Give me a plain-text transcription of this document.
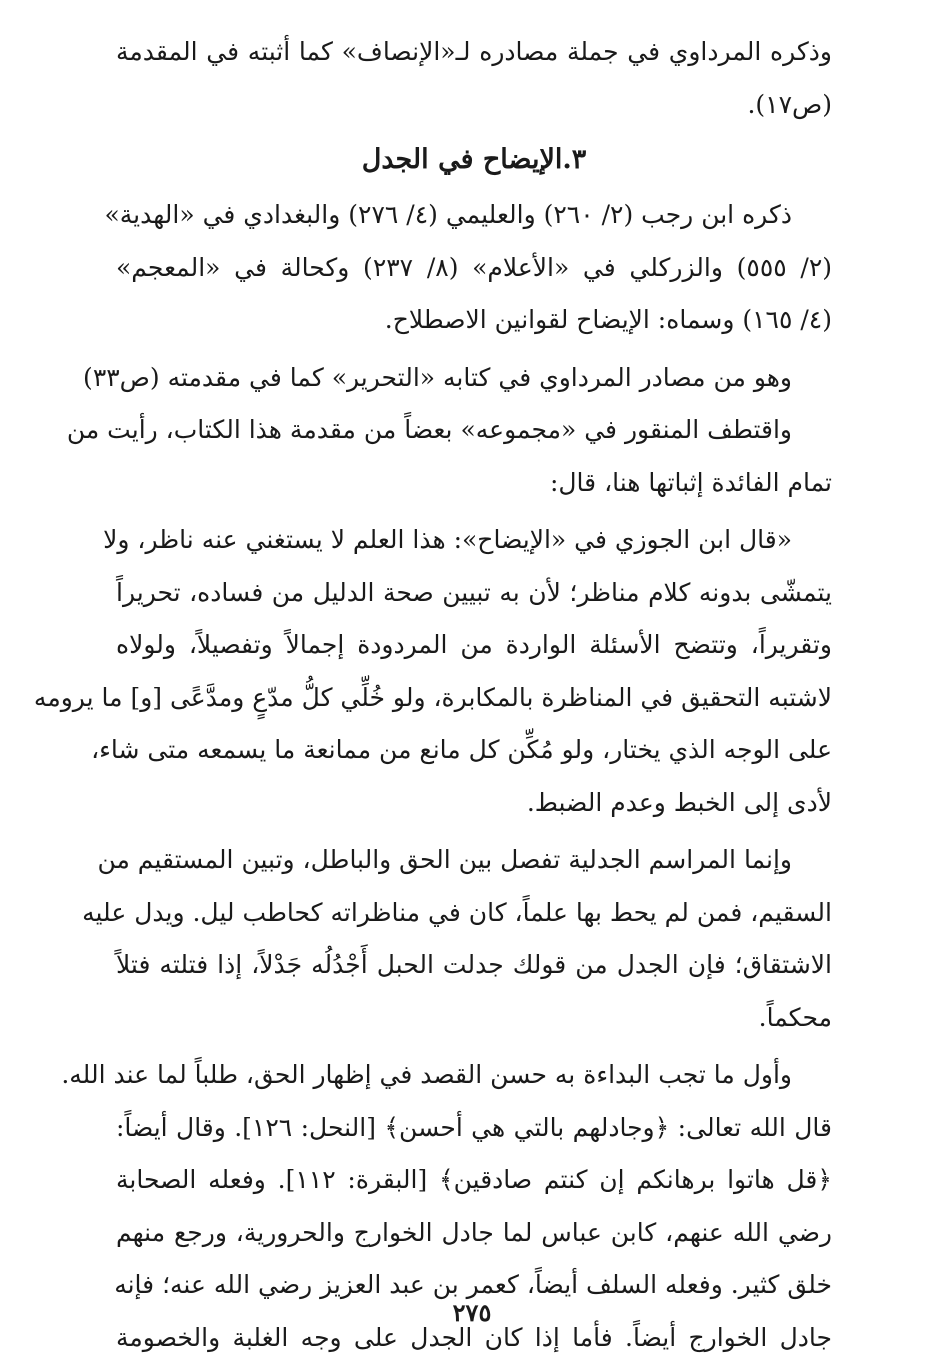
وذكره المرداوي في جملة مصادره لـ«الإنصاف» كما أثبته في المقدمة
(ص١٧).
٣.الإيضاح في الجدل
ذكره ابن رجب (٢/ ٢٦٠) والعليمي (٤/ ٢٧٦) والبغدادي في «الهدية»
(٢/ ٥٥٥) والزركلي في «الأعلام» (٨/ ٢٣٧) وكحالة في «المعجم»
(٤/ ١٦٥) وسماه: الإيضاح لقوانين الاصطلاح.
وهو من مصادر المرداوي في كتابه «التحرير» كما في مقدمته (ص٣٣)
واقتطف المنقور في «مجموعه» بعضاً من مقدمة هذا الكتاب، رأيت من
تمام الفائدة إثباتها هنا، قال:
«قال ابن الجوزي في «الإيضاح»: هذا العلم لا يستغني عنه ناظر، ولا
يتمشّى بدونه كلام مناظر؛ لأن به تبيين صحة الدليل من فساده، تحريراً
وتقريراً، وتتضح الأسئلة الواردة من المردودة إجمالاً وتفصيلاً، ولولاه
لاشتبه التحقيق في المناظرة بالمكابرة، ولو خُلِّي كلُّ مدّعٍ ومدَّعًى [و] ما يرومه
على الوجه الذي يختار، ولو مُكِّن كل مانع من ممانعة ما يسمعه متى شاء،
لأدى إلى الخبط وعدم الضبط.
وإنما المراسم الجدلية تفصل بين الحق والباطل، وتبين المستقيم من
السقيم، فمن لم يحط بها علماً، كان في مناظراته كحاطب ليل. ويدل عليه
الاشتقاق؛ فإن الجدل من قولك جدلت الحبل أَجْدُلُه جَدْلاً، إذا فتلته فتلاً
محكماً.
وأول ما تجب البداءة به حسن القصد في إظهار الحق، طلباً لما عند الله.
قال الله تعالى: ﴿وجادلهم بالتي هي أحسن﴾ [النحل: ١٢٦]. وقال أيضاً:
﴿قل هاتوا برهانكم إن كنتم صادقين﴾ [البقرة: ١١٢]. وفعله الصحابة
رضي الله عنهم، كابن عباس لما جادل الخوارج والحرورية، ورجع منهم
خلق كثير. وفعله السلف أيضاً، كعمر بن عبد العزيز رضي الله عنه؛ فإنه
جادل الخوارج أيضاً. فأما إذا كان الجدل على وجه الغلبة والخصومة
٢٧٥
